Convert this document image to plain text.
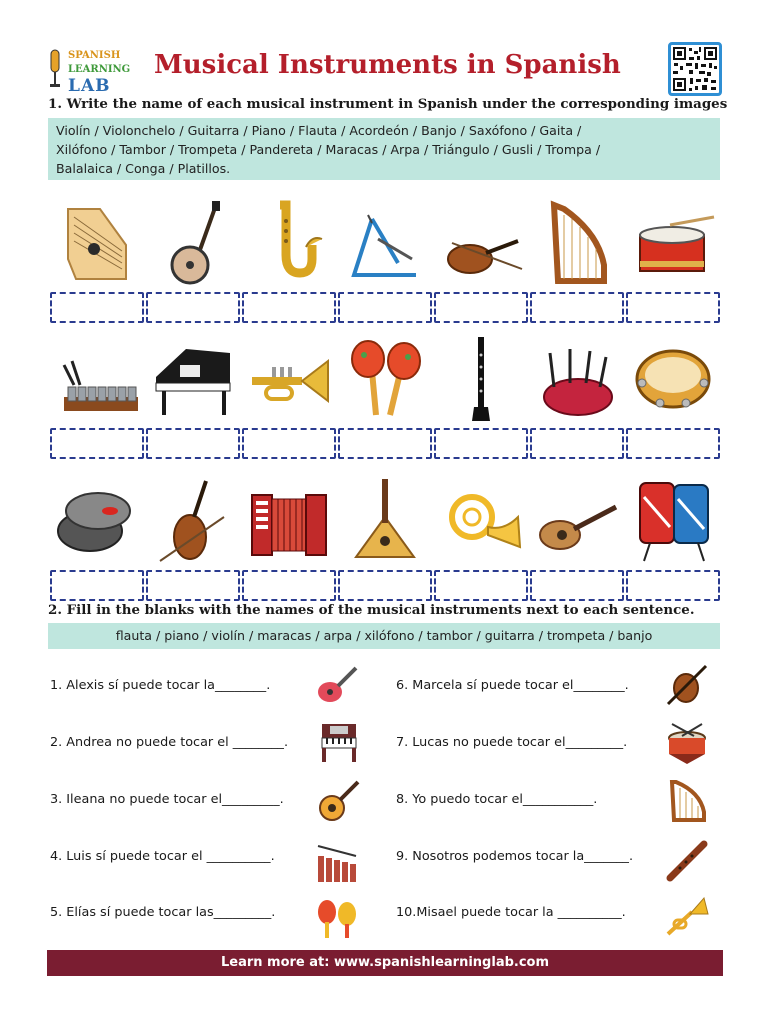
SPANISH
LEARNING
LAB
Musical Instruments in Spanish
1. Write the name of each musical instrument in Spanish under the corresponding images
Violín / Violonchelo / Guitarra / Piano / Flauta / Acordeón / Banjo / Saxófono / Gaita /
Xilófono / Tambor / Trompeta / Pandereta / Maracas / Arpa / Triángulo / Gusli / Trompa /
Balalaica / Conga / Platillos.
2. Fill in the blanks with the names of the musical instruments next to each sentence.
flauta / piano / violín / maracas / arpa / xilófono / tambor / guitarra / trompeta / banjo
1. Alexis sí puede tocar la________.
2. Andrea no puede tocar el ________.
3. Ileana no puede tocar el_________.
4. Luis sí puede tocar el __________.
5. Elías sí puede tocar las_________.
6. Marcela sí puede tocar el________.
7. Lucas no puede tocar el_________.
8. Yo puedo tocar el___________.
9. Nosotros podemos tocar la_______.
10.Misael puede tocar la __________.
Learn more at: www.spanishlearninglab.com
